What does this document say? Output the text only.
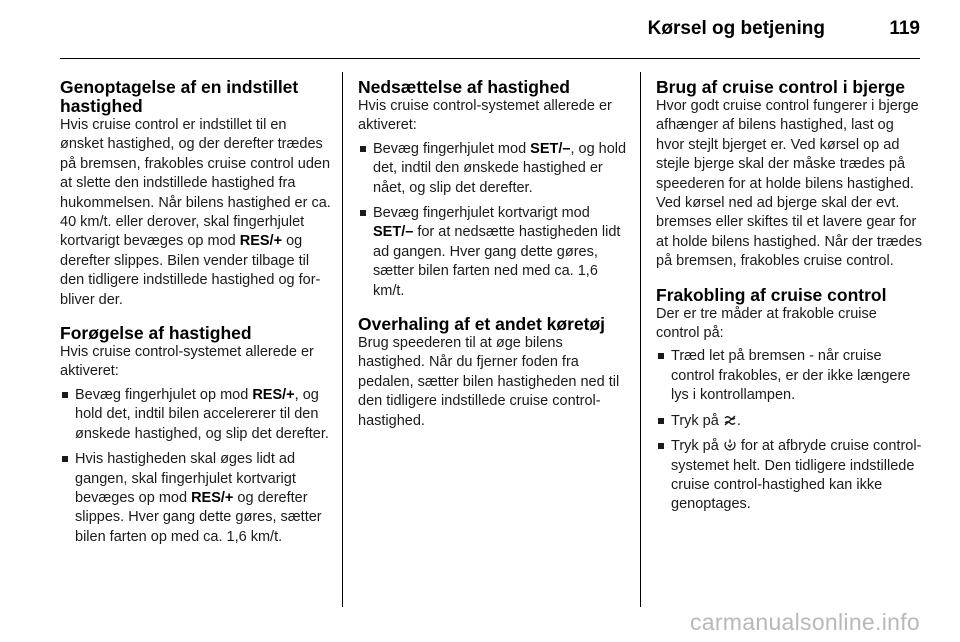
Kørsel og betjening	119
Genoptagelse af en indstillet hastighed

Hvis cruise control er indstillet til en ønsket hastighed, og der derefter trædes på bremsen, frakobles cruise control uden at slette den indstillede hastighed fra hukommelsen. Når bilens hastighed er ca. 40 km/t. eller derover, skal fingerhjulet kortvarigt bevæges op mod RES/+ og derefter slippes. Bilen vender tilbage til den tidligere indstillede hastighed og forbliver der.

Forøgelse af hastighed

Hvis cruise control-systemet allerede er aktiveret:

Bevæg fingerhjulet op mod RES/+, og hold det, indtil bilen accelererer til den ønskede hastighed, og slip det derefter.
Hvis hastigheden skal øges lidt ad gangen, skal fingerhjulet kortvarigt bevæges op mod RES/+ og derefter slippes. Hver gang dette gøres, sætter bilen farten op med ca. 1,6 km/t.
Nedsættelse af hastighed

Hvis cruise control-systemet allerede er aktiveret:

Bevæg fingerhjulet mod SET/–, og hold det, indtil den ønskede hastighed er nået, og slip det derefter.
Bevæg fingerhjulet kortvarigt mod
SET/– for at nedsætte hastigheden lidt ad gangen. Hver gang dette gøres, sætter bilen farten ned med ca. 1,6 km/t.
Overhaling af et andet køretøj

Brug speederen til at øge bilens hastighed. Når du fjerner foden fra pedalen, sætter bilen hastigheden ned til den tidligere indstillede cruise control-hastighed.

Brug af cruise control i bjerge

Hvor godt cruise control fungerer i bjerge afhænger af bilens hastighed, last og hvor stejlt bjerget er. Ved kørsel op ad stejle bjerge skal der måske trædes på speederen for at holde bilens hastighed. Ved kørsel ned ad bjerge skal der evt. bremses eller skiftes til et lavere gear for at holde bilens hastighed. Når der trædes på bremsen, frakobles cruise control.

Frakobling af cruise control

Der er tre måder at frakoble cruise control på:

Træd let på bremsen - når cruise control frakobles, er der ikke længere lys i kontrollampen.
Tryk på .
Tryk på  for at afbryde cruise control-systemet helt. Den tidligere indstillede cruise control-hastighed kan ikke genoptages.
carmanualsonline.info
